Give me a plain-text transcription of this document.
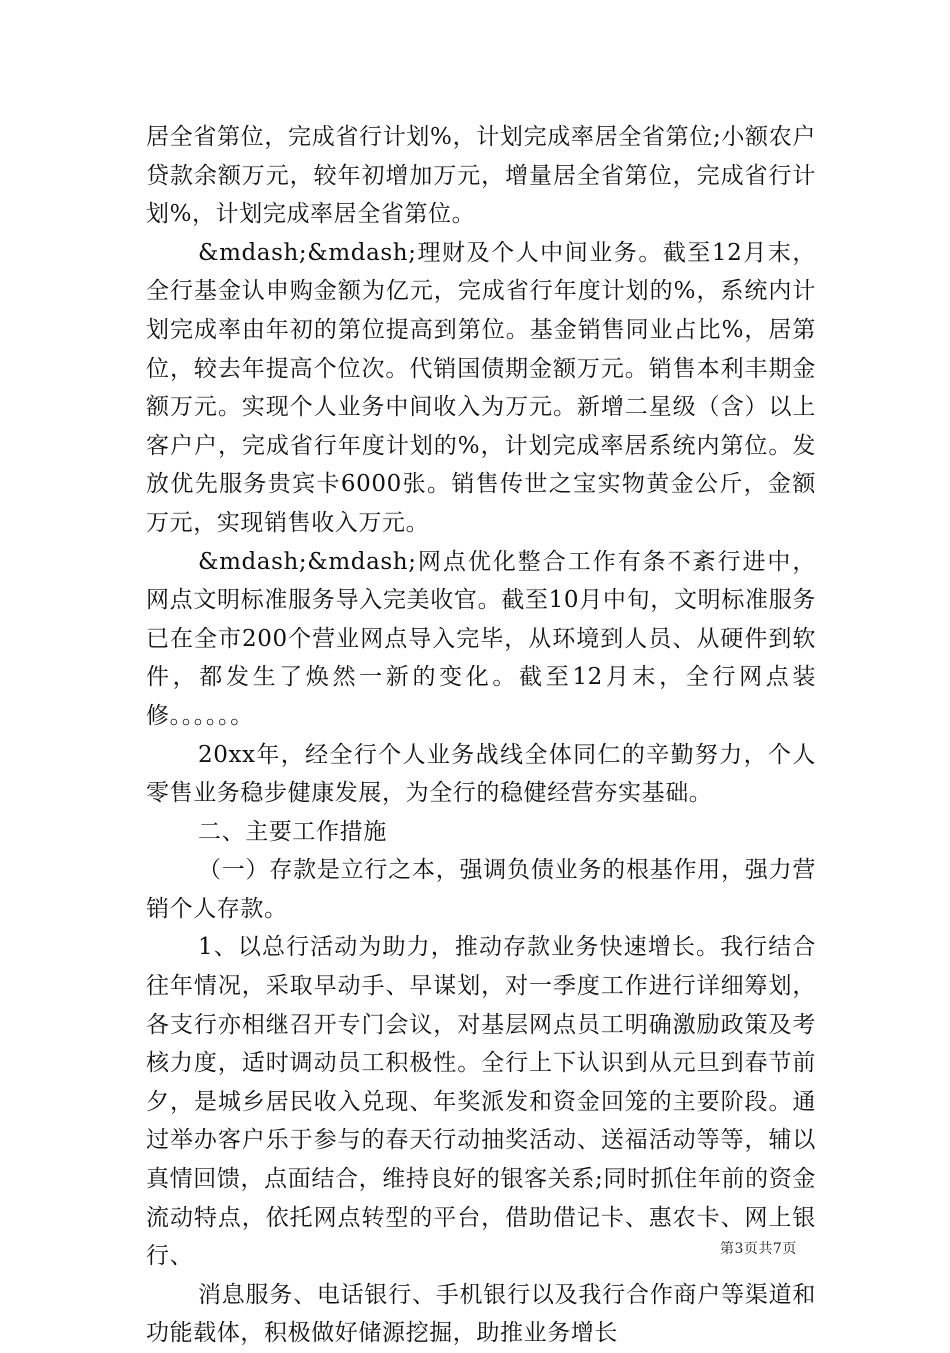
居全省第位，完成省行计划%，计划完成率居全省第位;小额农户贷款余额万元，较年初增加万元，增量居全省第位，完成省行计划%，计划完成率居全省第位。

&mdash;&mdash;理财及个人中间业务。截至12月末，全行基金认申购金额为亿元，完成省行年度计划的%，系统内计划完成率由年初的第位提高到第位。基金销售同业占比%，居第位，较去年提高个位次。代销国债期金额万元。销售本利丰期金额万元。实现个人业务中间收入为万元。新增二星级（含）以上客户户，完成省行年度计划的%，计划完成率居系统内第位。发放优先服务贵宾卡6000张。销售传世之宝实物黄金公斤，金额万元，实现销售收入万元。

&mdash;&mdash;网点优化整合工作有条不紊行进中，网点文明标准服务导入完美收官。截至10月中旬，文明标准服务已在全市200个营业网点导入完毕，从环境到人员、从硬件到软件，都发生了焕然一新的变化。截至12月末，全行网点装修。。。。。。

20xx年，经全行个人业务战线全体同仁的辛勤努力，个人零售业务稳步健康发展，为全行的稳健经营夯实基础。

二、主要工作措施

（一）存款是立行之本，强调负债业务的根基作用，强力营销个人存款。

1、以总行活动为助力，推动存款业务快速增长。我行结合往年情况，采取早动手、早谋划，对一季度工作进行详细筹划，各支行亦相继召开专门会议，对基层网点员工明确激励政策及考核力度，适时调动员工积极性。全行上下认识到从元旦到春节前夕，是城乡居民收入兑现、年奖派发和资金回笼的主要阶段。通过举办客户乐于参与的春天行动抽奖活动、送福活动等等，辅以真情回馈，点面结合，维持良好的银客关系;同时抓住年前的资金流动特点，依托网点转型的平台，借助借记卡、惠农卡、网上银行、

消息服务、电话银行、手机银行以及我行合作商户等渠道和功能载体，积极做好储源挖掘，助推业务增长

第3页共7页
